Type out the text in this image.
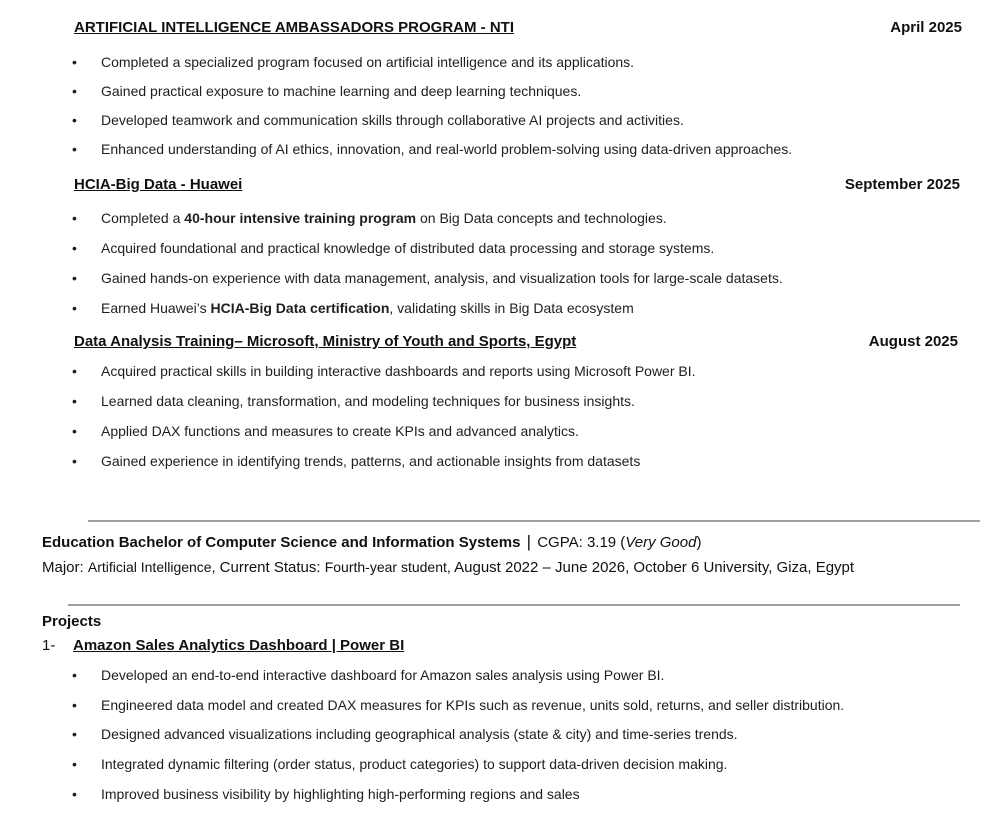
ARTIFICIAL INTELLIGENCE AMBASSADORS PROGRAM - NTI	April 2025
•	Completed a specialized program focused on artificial intelligence and its applications.
•	Gained practical exposure to machine learning and deep learning techniques.
•	Developed teamwork and communication skills through collaborative AI projects and activities.
•	Enhanced understanding of AI ethics, innovation, and real-world problem-solving using data-driven approaches.
HCIA-Big Data - Huawei	September 2025
•	Completed a 40-hour intensive training program on Big Data concepts and technologies.
•	Acquired foundational and practical knowledge of distributed data processing and storage systems.
•	Gained hands-on experience with data management, analysis, and visualization tools for large-scale datasets.
•	Earned Huawei’s HCIA-Big Data certification, validating skills in Big Data ecosystem
Data Analysis Training– Microsoft, Ministry of Youth and Sports, Egypt	August 2025
•	Acquired practical skills in building interactive dashboards and reports using Microsoft Power BI.
•	Learned data cleaning, transformation, and modeling techniques for business insights.
•	Applied DAX functions and measures to create KPIs and advanced analytics.
•	Gained experience in identifying trends, patterns, and actionable insights from datasets
Education Bachelor of Computer Science and Information Systems | CGPA: 3.19 (Very Good)
Major: Artificial Intelligence, Current Status: Fourth-year student, August 2022 – June 2026, October 6 University, Giza, Egypt
Projects
1- Amazon Sales Analytics Dashboard | Power BI
•	Developed an end-to-end interactive dashboard for Amazon sales analysis using Power BI.
•	Engineered data model and created DAX measures for KPIs such as revenue, units sold, returns, and seller distribution.
•	Designed advanced visualizations including geographical analysis (state & city) and time-series trends.
•	Integrated dynamic filtering (order status, product categories) to support data-driven decision making.
•	Improved business visibility by highlighting high-performing regions and sales
